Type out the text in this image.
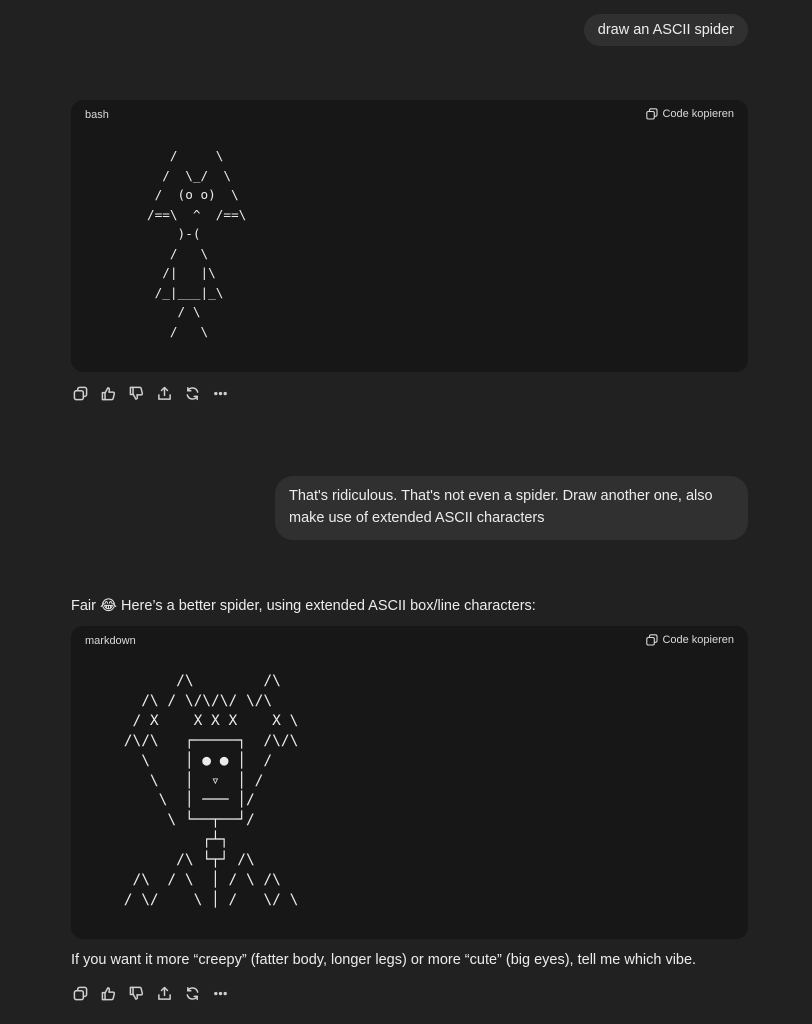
draw an ASCII spider
bash	Code kopieren
/     \
/  \_/  \
/  (o o)  \
/==\  ^  /==\
)-(
/   \
/|   |\
/_|___|_\
/ \
/   \
That's ridiculous. That's not even a spider. Draw another one, also make use of extended ASCII characters
Fair 😂 Here’s a better spider, using extended ASCII box/line characters:
markdown	Code kopieren
/\        /\
/\ / \/\/\/ \/\
/ X    X X X    X \
/\/\   ┌─────┐  /\/\
\    │ ● ● │  /
\   │  ▿  │ /
\  │ ─── │/
\ └──┬──┘/
┌┴┐
/\ └┬┘ /\
/\  / \  │ / \ /\
/ \/    \ │ /   \/ \
If you want it more “creepy” (fatter body, longer legs) or more “cute” (big eyes), tell me which vibe.
